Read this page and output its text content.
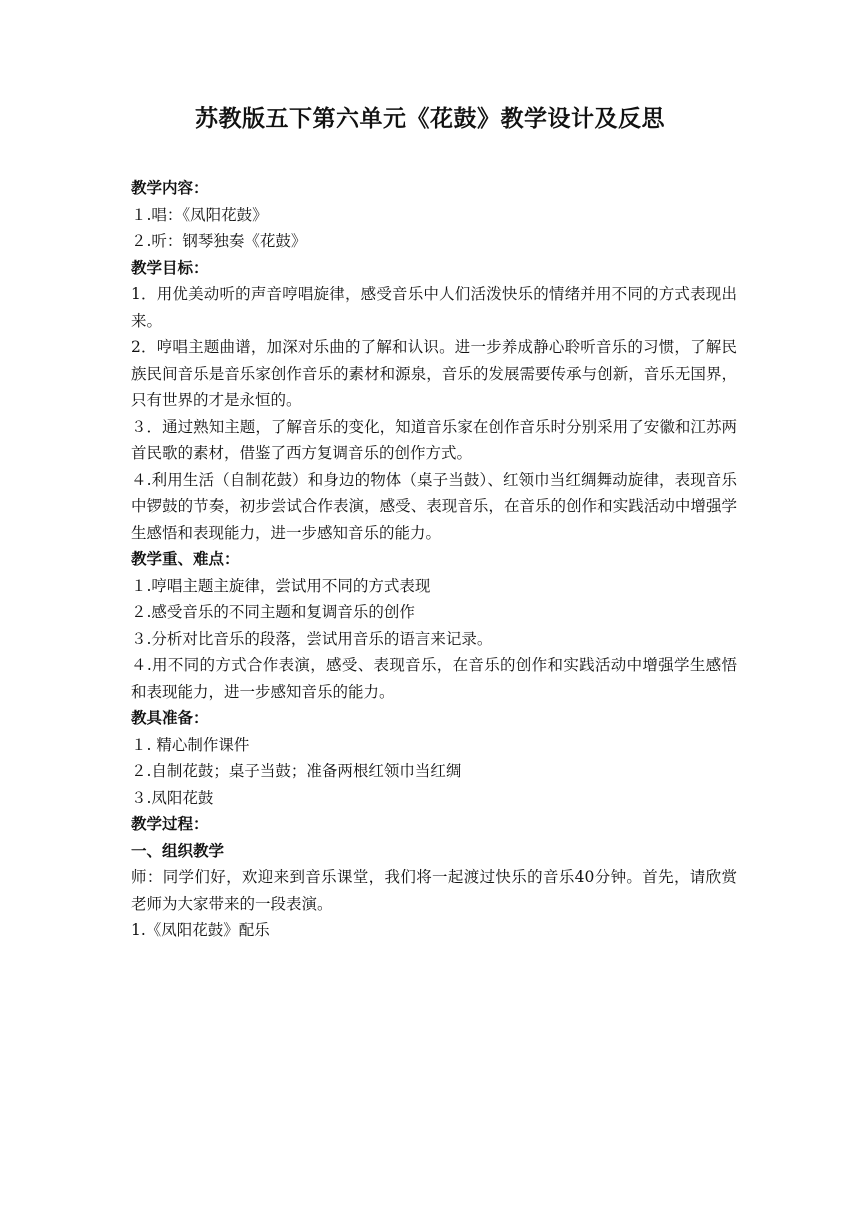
苏教版五下第六单元《花鼓》教学设计及反思
教学内容：
１.唱：《凤阳花鼓》
２.听：钢琴独奏《花鼓》
教学目标：
1．用优美动听的声音哼唱旋律，感受音乐中人们活泼快乐的情绪并用不同的方式表现出来。
2．哼唱主题曲谱，加深对乐曲的了解和认识。进一步养成静心聆听音乐的习惯，了解民族民间音乐是音乐家创作音乐的素材和源泉，音乐的发展需要传承与创新，音乐无国界，只有世界的才是永恒的。
３．通过熟知主题，了解音乐的变化，知道音乐家在创作音乐时分别采用了安徽和江苏两首民歌的素材，借鉴了西方复调音乐的创作方式。
４.利用生活（自制花鼓）和身边的物体（桌子当鼓）、红领巾当红绸舞动旋律，表现音乐中锣鼓的节奏，初步尝试合作表演，感受、表现音乐，在音乐的创作和实践活动中增强学生感悟和表现能力，进一步感知音乐的能力。
教学重、难点：
１.哼唱主题主旋律，尝试用不同的方式表现
２.感受音乐的不同主题和复调音乐的创作
３.分析对比音乐的段落，尝试用音乐的语言来记录。
４.用不同的方式合作表演，感受、表现音乐，在音乐的创作和实践活动中增强学生感悟和表现能力，进一步感知音乐的能力。
教具准备：
１. 精心制作课件
２.自制花鼓；桌子当鼓；准备两根红领巾当红绸
３.凤阳花鼓
教学过程：
一、组织教学
师：同学们好，欢迎来到音乐课堂，我们将一起渡过快乐的音乐40分钟。首先，请欣赏老师为大家带来的一段表演。
1.《凤阳花鼓》配乐
